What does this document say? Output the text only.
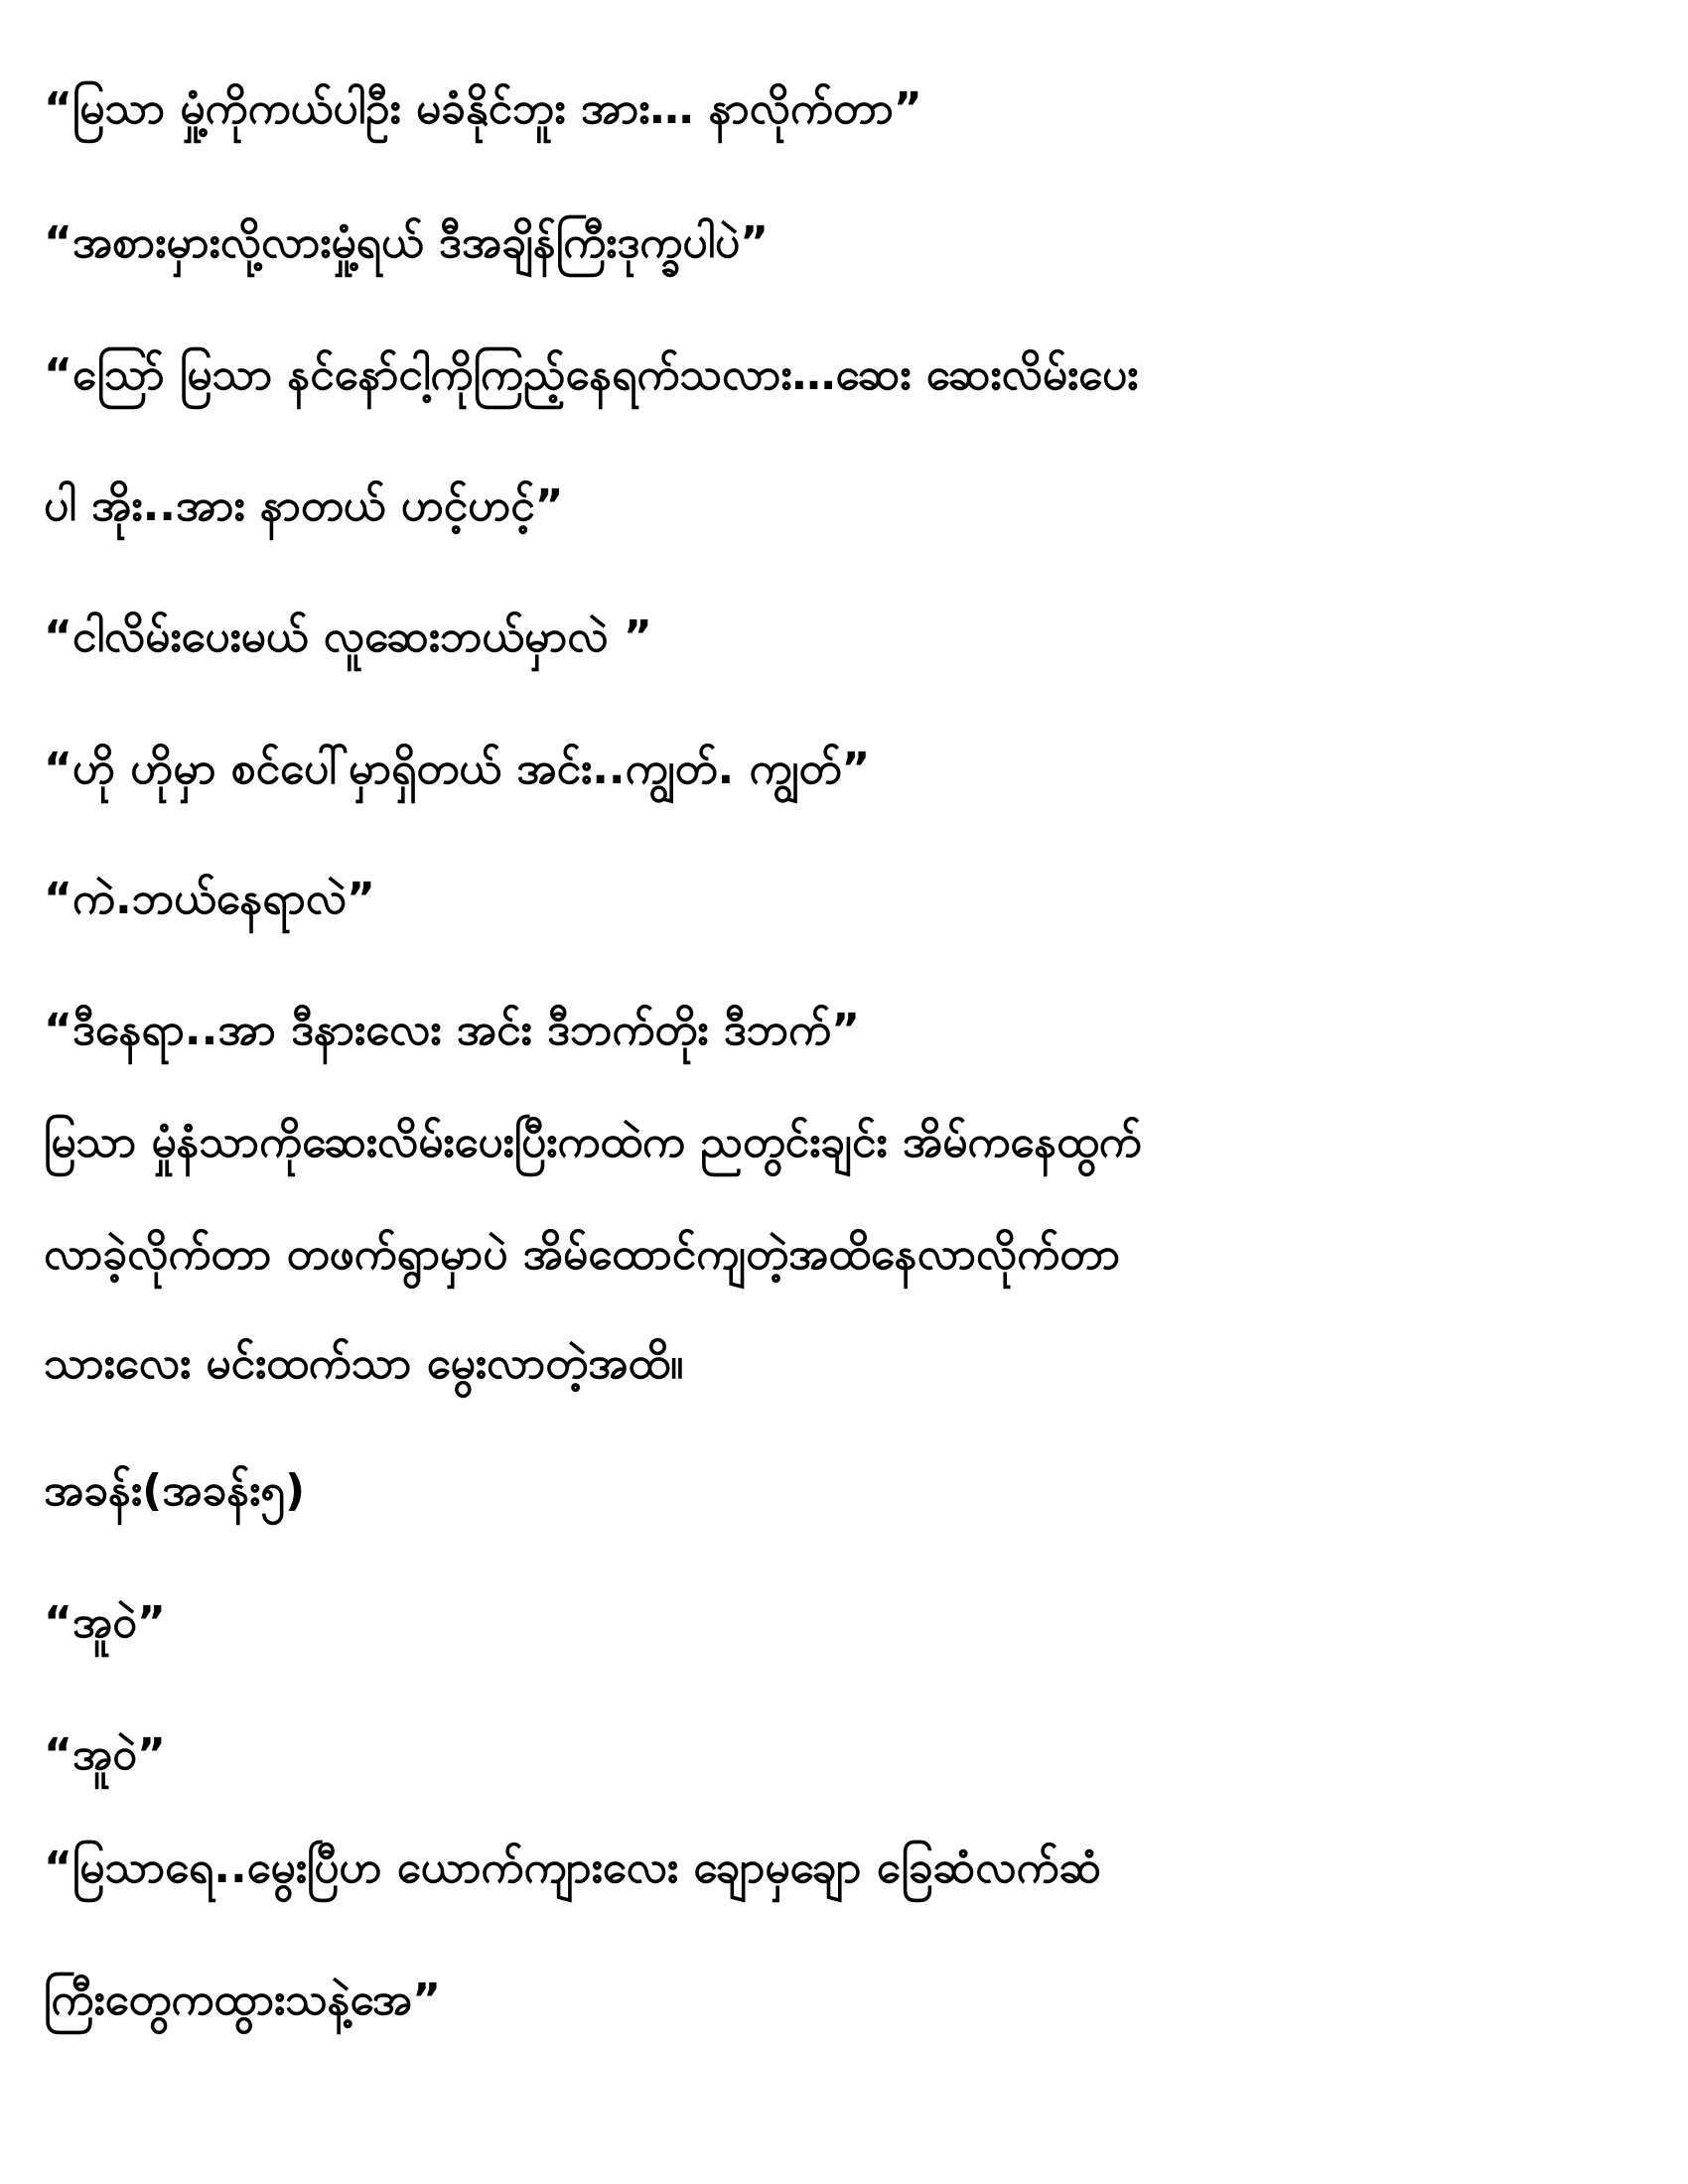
“မြသာ မှုံ့ကိုကယ်ပါဦး မခံနိုင်ဘူး အား… နာလိုက်တာ”

“အစားမှားလို့လားမှုံ့ရယ် ဒီအချိန်ကြီးဒုက္ခပါပဲ”

“သြော် မြသာ နင်နော်ငါ့ကိုကြည့်နေရက်သလား…ဆေး ဆေးလိမ်းပေး

ပါ အိုး..အား နာတယ် ဟင့်ဟင့်”

“ငါလိမ်းပေးမယ် လူဆေးဘယ်မှာလဲ ”

“ဟို ဟိုမှာ စင်ပေါ်မှာရှိတယ် အင်း..ကျွတ်. ကျွတ်”

“ကဲ.ဘယ်နေရာလဲ”

“ဒီနေရာ..အာ ဒီနားလေး အင်း ဒီဘက်တိုး ဒီဘက်”

မြသာ မှုံနံသာကိုဆေးလိမ်းပေးပြီးကထဲက ညတွင်းချင်း အိမ်ကနေထွက်

လာခဲ့လိုက်တာ တဖက်ရွာမှာပဲ အိမ်ထောင်ကျတဲ့အထိနေလာလိုက်တာ

သားလေး မင်းထက်သာ မွေးလာတဲ့အထိ။

အခန်း(အခန်း၅)

“အူဝဲ”

“အူဝဲ”

“မြသာရေ..မွေးပြီဟ ယောက်ကျားလေး ချောမှချော ခြေဆံလက်ဆံ

ကြီးတွေကထွားသနဲ့အေ”
